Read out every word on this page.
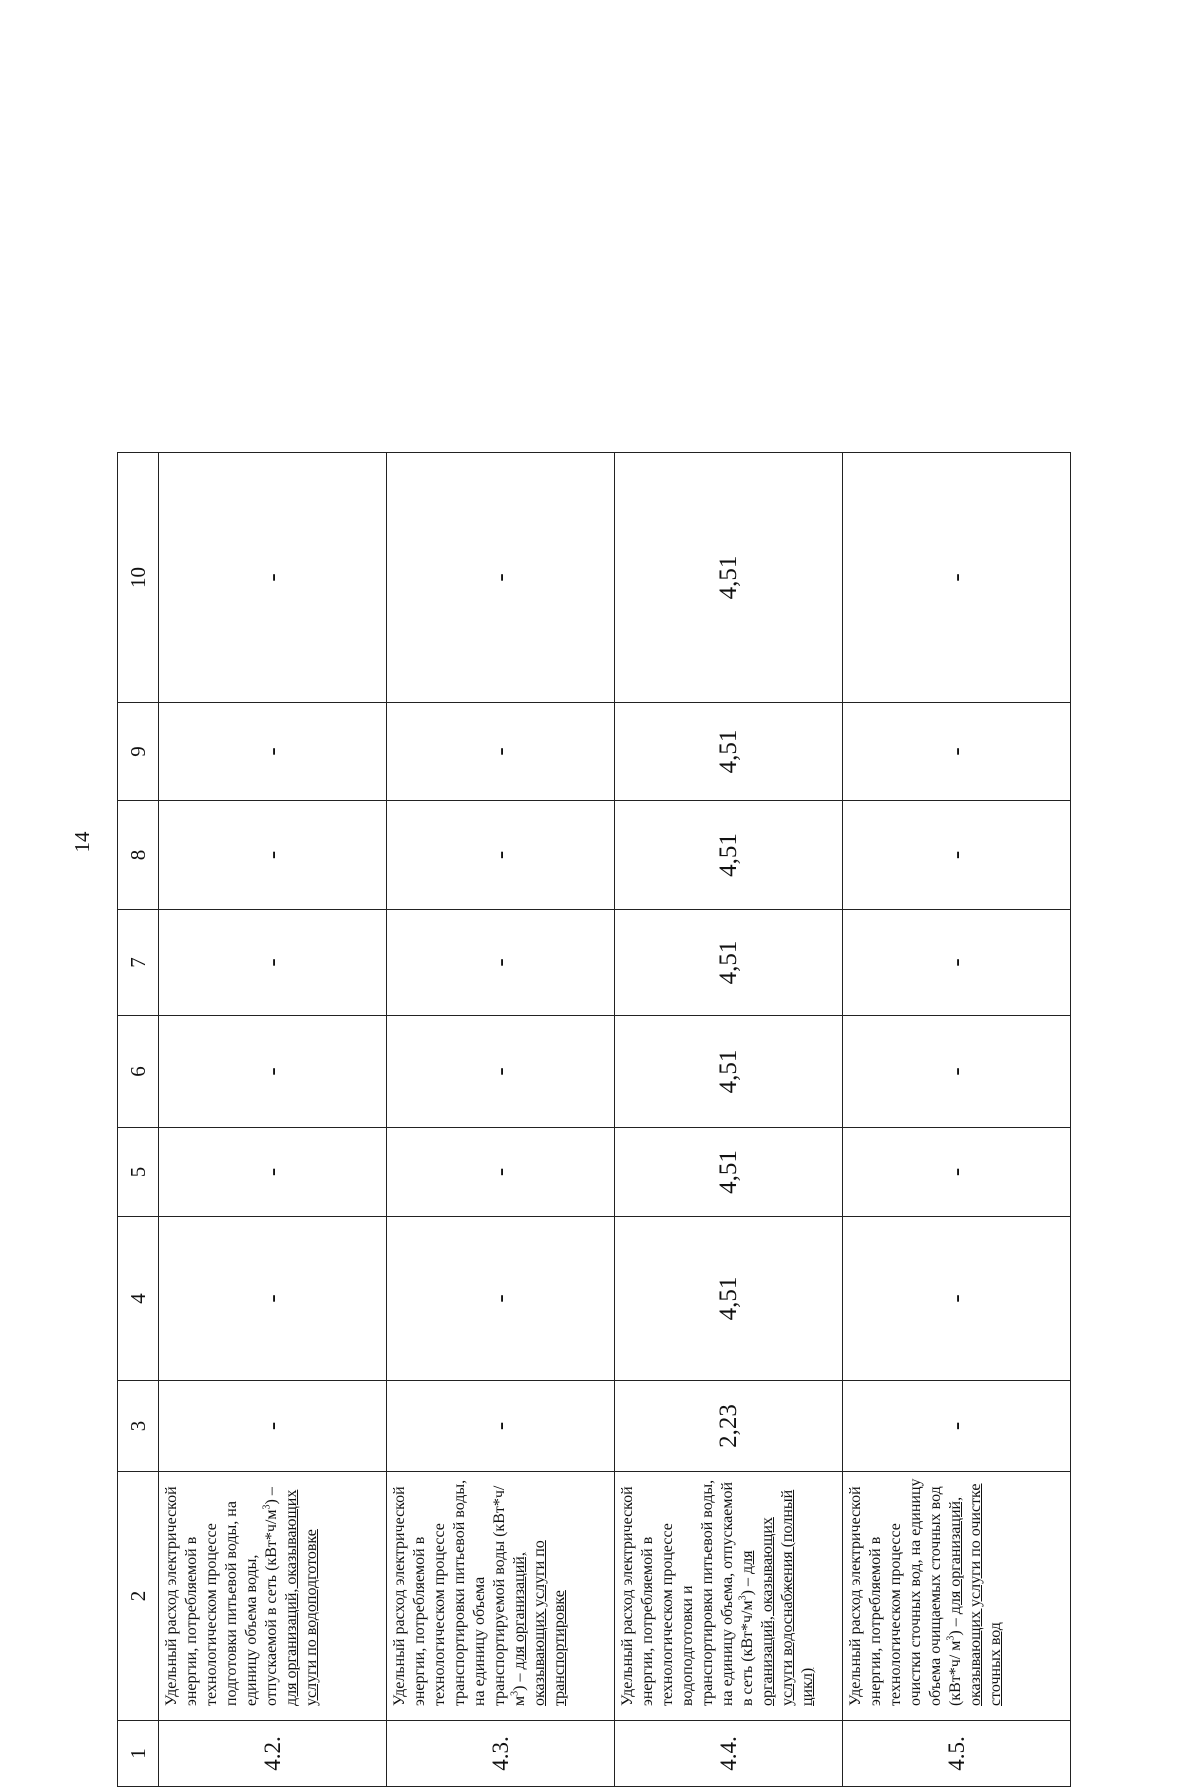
14
1	2	3	4	5	6	7	8	9	10
4.2.	Удельный расход электрической энергии, потребляемой в технологическом процессе подготовки питьевой воды, на единицу объема воды, отпускаемой в сеть $(кВт*ч/м^3)$ – для организаций, оказывающих услуги по водоподготовке	-	-	-	-	-	-	-	-
4.3.	Удельный расход электрической энергии, потребляемой в технологическом процессе транспортировки питьевой воды, на единицу объема транспортируемой воды $(кВт*ч/м^3)$ – для организаций, оказывающих услуги по транспортировке	-	-	-	-	-	-	-	-
4.4.	Удельный расход электрической энергии, потребляемой в технологическом процессе водоподготовки и транспортировки питьевой воды, на единицу объема, отпускаемой в сеть $(кВт*ч/м^3)$ – для организаций, оказывающих услуги водоснабжения (полный цикл)	2,23	4,51	4,51	4,51	4,51	4,51	4,51	4,51
4.5.	Удельный расход электрической энергии, потребляемой в технологическом процессе очистки сточных вод, на единицу объема очищаемых сточных вод (кВт*ч/ $м^3$) – для организаций, оказывающих услуги по очистке сточных вод	-	-	-	-	-	-	-	-
